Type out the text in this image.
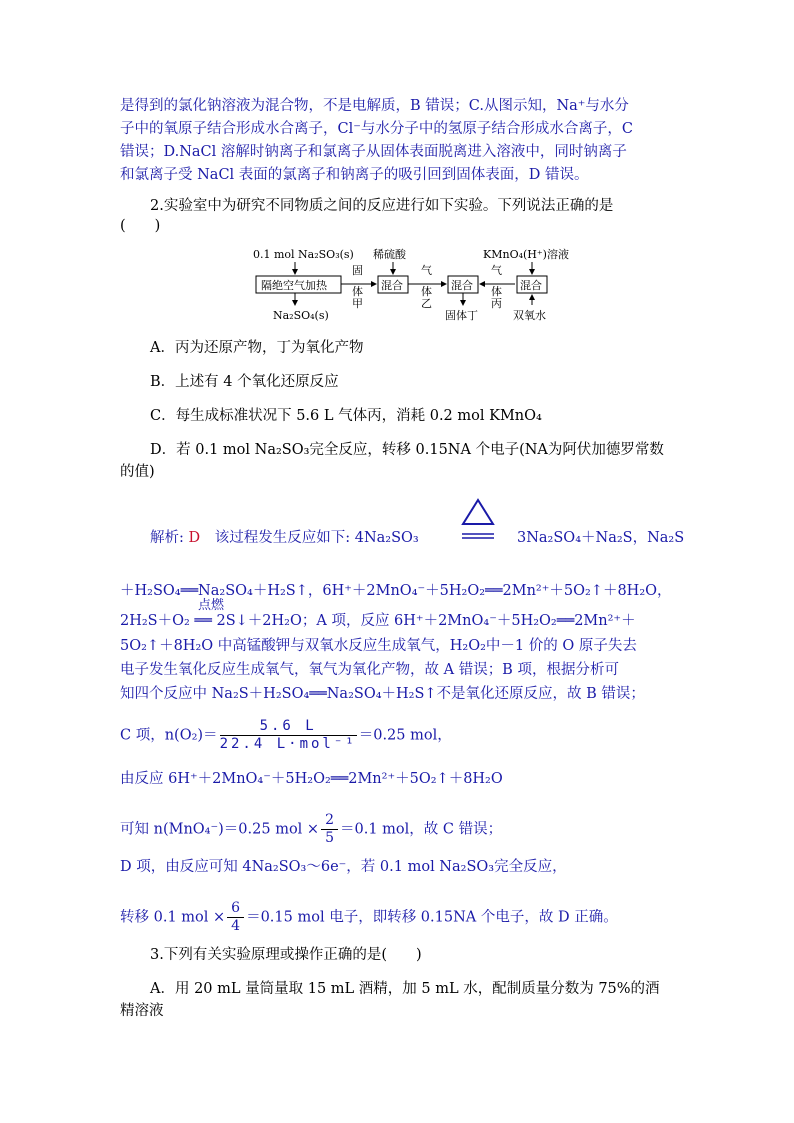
是得到的氯化钠溶液为混合物，不是电解质，B 错误；C.从图示知，Na⁺与水分
子中的氧原子结合形成水合离子，Cl⁻与水分子中的氢原子结合形成水合离子，C
错误；D.NaCl 溶解时钠离子和氯离子从固体表面脱离进入溶液中，同时钠离子
和氯离子受 NaCl 表面的氯离子和钠离子的吸引回到固体表面，D 错误。
2.实验室中为研究不同物质之间的反应进行如下实验。下列说法正确的是
(　　)
0.1 mol Na₂SO₃(s)
隔绝空气加热
Na₂SO₄(s)
固
体
甲
稀硫酸
混合
气
体
乙
混合
固体丁
气
体
丙
KMnO₄(H⁺)溶液
混合
双氧水
A．丙为还原产物，丁为氧化产物
B．上述有 4 个氧化还原反应
C．每生成标准状况下 5.6 L 气体丙，消耗 0.2 mol KMnO₄
D．若 0.1 mol Na₂SO₃完全反应，转移 0.15NA 个电子(NA为阿伏加德罗常数
的值)
解析: D 该过程发生反应如下: 4Na₂SO₃	3Na₂SO₄＋Na₂S，Na₂S
＋H₂SO₄══Na₂SO₄＋H₂S↑，6H⁺＋2MnO₄⁻＋5H₂O₂══2Mn²⁺＋5O₂↑＋8H₂O，
点燃
2H₂S＋O₂ ══ 2S↓＋2H₂O；A 项，反应 6H⁺＋2MnO₄⁻＋5H₂O₂══2Mn²⁺＋
5O₂↑＋8H₂O 中高锰酸钾与双氧水反应生成氧气，H₂O₂中－1 价的 O 原子失去
电子发生氧化反应生成氧气，氧气为氧化产物，故 A 错误；B 项，根据分析可
知四个反应中 Na₂S＋H₂SO₄══Na₂SO₄＋H₂S↑不是氧化还原反应，故 B 错误；
C 项，$n(O_2)= \frac{5.6 L}{\text{22.4 L·mol⁻¹}} =0.25$ mol，
由反应 6H⁺＋2MnO₄⁻＋5H₂O₂══2Mn²⁺＋5O₂↑＋8H₂O
可知 n(MnO₄⁻)＝0.25 mol × $\frac{2}{5} =0.1$ mol，故 C 错误；
D 项，由反应可知 4Na₂SO₃～6e⁻，若 0.1 mol Na₂SO₃完全反应，
转移 0.1 mol × $\frac{6}{4} =0.15$ mol 电子，即转移 0.15NA 个电子，故 D 正确。
3.下列有关实验原理或操作正确的是(　　)
A．用 20 mL 量筒量取 15 mL 酒精，加 5 mL 水，配制质量分数为 75%的酒
精溶液
